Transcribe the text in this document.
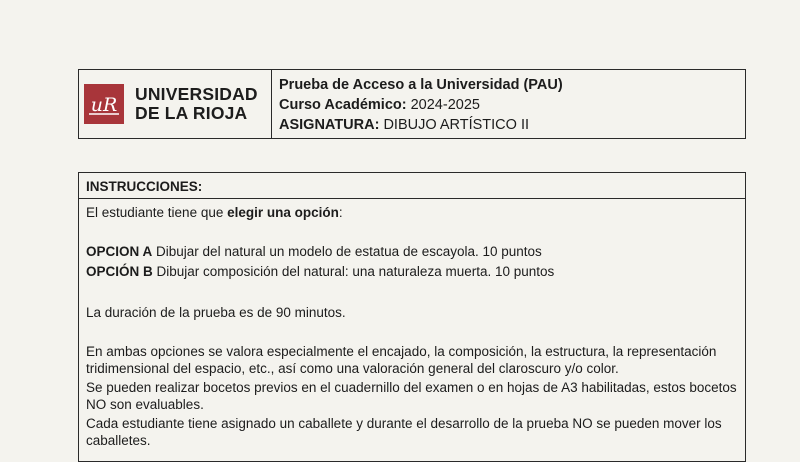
uR UNIVERSIDAD
DE LA RIOJA
Prueba de Acceso a la Universidad (PAU)
Curso Académico: 2024-2025
ASIGNATURA: DIBUJO ARTÍSTICO II
INSTRUCCIONES:
El estudiante tiene que elegir una opción:
OPCION A Dibujar del natural un modelo de estatua de escayola. 10 puntos
OPCIÓN B Dibujar composición del natural: una naturaleza muerta. 10 puntos
La duración de la prueba es de 90 minutos.
En ambas opciones se valora especialmente el encajado, la composición, la estructura, la representación
tridimensional del espacio, etc., así como una valoración general del claroscuro y/o color.
Se pueden realizar bocetos previos en el cuadernillo del examen o en hojas de A3 habilitadas, estos bocetos
NO son evaluables.
Cada estudiante tiene asignado un caballete y durante el desarrollo de la prueba NO se pueden mover los
caballetes.
